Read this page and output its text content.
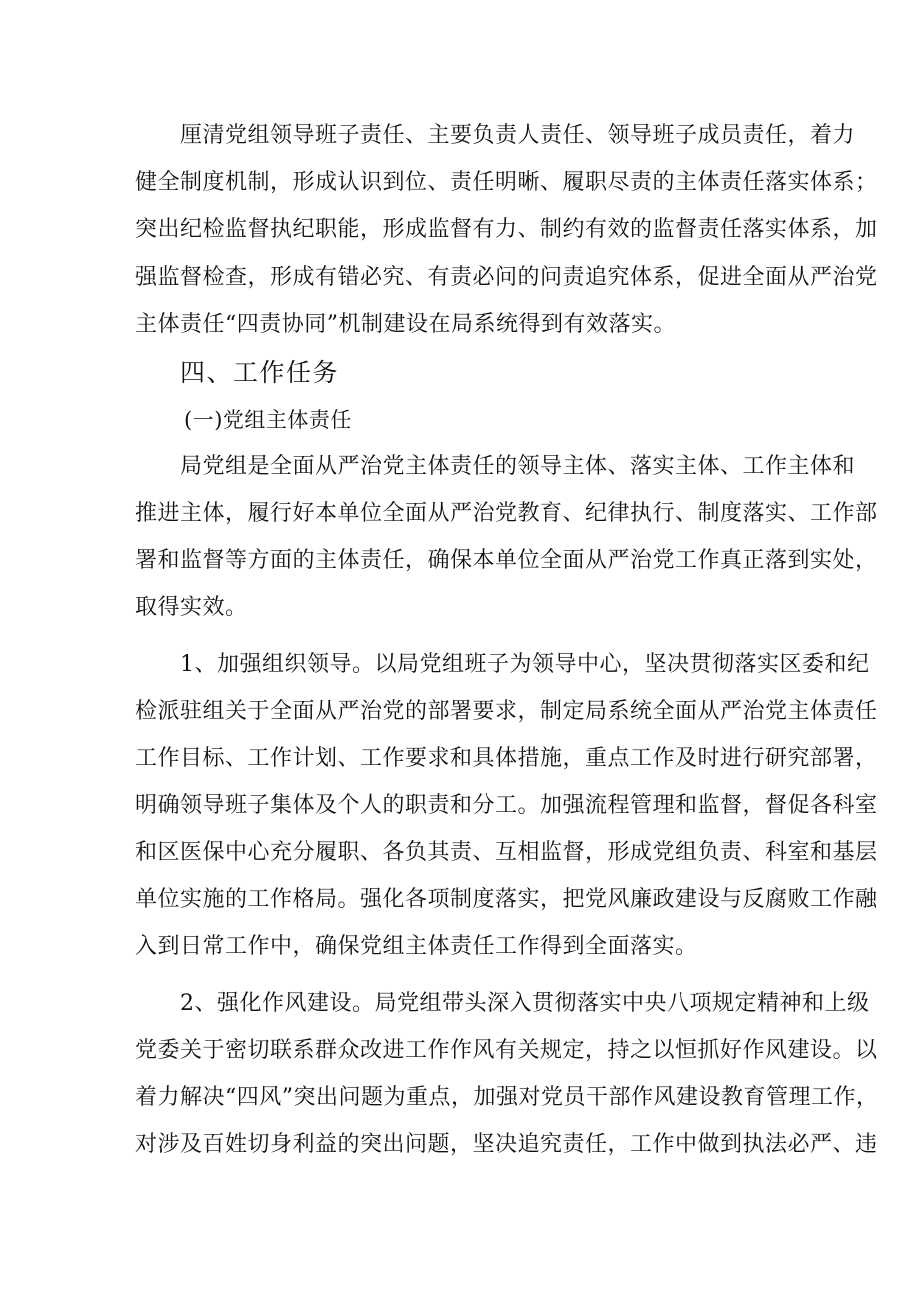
厘清党组领导班子责任、主要负责人责任、领导班子成员责任，着力
健全制度机制，形成认识到位、责任明晰、履职尽责的主体责任落实体系；
突出纪检监督执纪职能，形成监督有力、制约有效的监督责任落实体系，加
强监督检查，形成有错必究、有责必问的问责追究体系，促进全面从严治党
主体责任“四责协同”机制建设在局系统得到有效落实。
四、工作任务
(一)党组主体责任
局党组是全面从严治党主体责任的领导主体、落实主体、工作主体和
推进主体，履行好本单位全面从严治党教育、纪律执行、制度落实、工作部
署和监督等方面的主体责任，确保本单位全面从严治党工作真正落到实处，
取得实效。
1、加强组织领导。以局党组班子为领导中心，坚决贯彻落实区委和纪
检派驻组关于全面从严治党的部署要求，制定局系统全面从严治党主体责任
工作目标、工作计划、工作要求和具体措施，重点工作及时进行研究部署，
明确领导班子集体及个人的职责和分工。加强流程管理和监督，督促各科室
和区医保中心充分履职、各负其责、互相监督，形成党组负责、科室和基层
单位实施的工作格局。强化各项制度落实，把党风廉政建设与反腐败工作融
入到日常工作中，确保党组主体责任工作得到全面落实。
2、强化作风建设。局党组带头深入贯彻落实中央八项规定精神和上级
党委关于密切联系群众改进工作作风有关规定，持之以恒抓好作风建设。以
着力解决“四风”突出问题为重点，加强对党员干部作风建设教育管理工作，
对涉及百姓切身利益的突出问题，坚决追究责任，工作中做到执法必严、违
